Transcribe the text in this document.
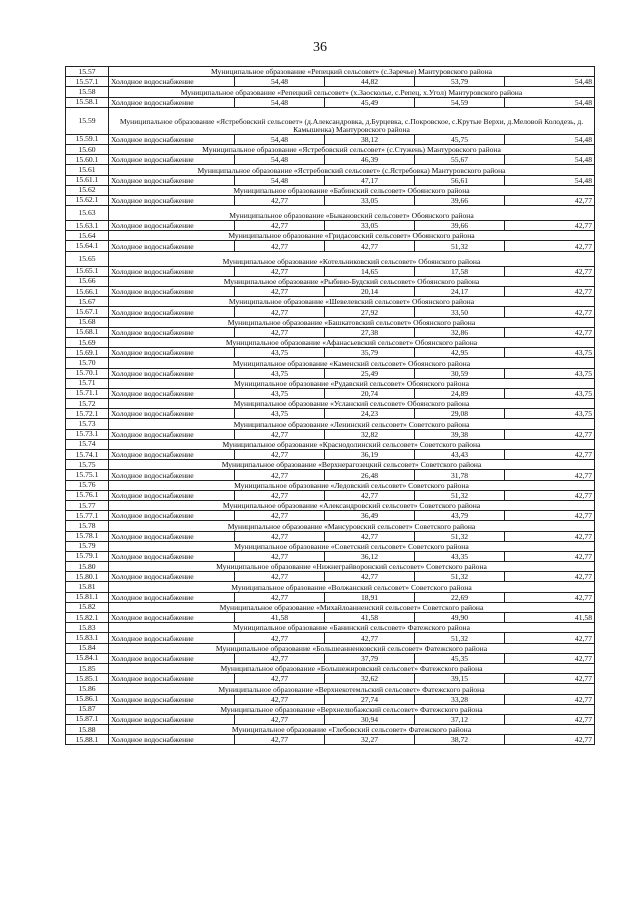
36
15.57	Муниципальное образование «Репецкий сельсовет» (с.Заречье) Мантуровского района				
15.57.1	Холодное водоснабжение	54,48	44,82	53,79	54,48
15.58	Муниципальное образование «Репецкий сельсовет» (х.Заосколье, с.Репец, х.Угол) Мантуровского района				
15.58.1	Холодное водоснабжение	54,48	45,49	54,59	54,48
15.59	Муниципальное образование «Ястребовский сельсовет» (д.Александровка, д.Бурцевка, с.Покровское, с.Крутые Верхи, д.Меловой Колодезь, д. Камышенка) Мантуровского района				
15.59.1	Холодное водоснабжение	54,48	38,12	45,75	54,48
15.60	Муниципальное образование «Ястребовский сельсовет» (с.Стужень) Мантуровского района				
15.60.1	Холодное водоснабжение	54,48	46,39	55,67	54,48
15.61	Муниципальное образование «Ястребовский сельсовет» (с.Ястребовка) Мантуровского района				
15.61.1	Холодное водоснабжение	54,48	47,17	56,61	54,48
15.62	Муниципальное образование «Бабинский сельсовет» Обоянского района				
15.62.1	Холодное водоснабжение	42,77	33,05	39,66	42,77
15.63	Муниципальное образование «Быкановский сельсовет» Обоянского района				
15.63.1	Холодное водоснабжение	42,77	33,05	39,66	42,77
15.64	Муниципальное образование «Гридасовский сельсовет» Обоянского района				
15.64.1	Холодное водоснабжение	42,77	42,77	51,32	42,77
15.65	Муниципальное образование «Котельниковский сельсовет» Обоянского района				
15.65.1	Холодное водоснабжение	42,77	14,65	17,58	42,77
15.66	Муниципальное образование «Рыбино-Будский сельсовет» Обоянского района				
15.66.1	Холодное водоснабжение	42,77	20,14	24,17	42,77
15.67	Муниципальное образование «Шевелевский сельсовет» Обоянского района				
15.67.1	Холодное водоснабжение	42,77	27,92	33,50	42,77
15.68	Муниципальное образование «Башкатовский сельсовет» Обоянского района				
15.68.1	Холодное водоснабжение	42,77	27,38	32,86	42,77
15.69	Муниципальное образование «Афанасьевский сельсовет» Обоянского района				
15.69.1	Холодное водоснабжение	43,75	35,79	42,95	43,75
15.70	Муниципальное образование «Каменский сельсовет» Обоянского района				
15.70.1	Холодное водоснабжение	43,75	25,49	30,59	43,75
15.71	Муниципальное образование «Рудавский сельсовет» Обоянского района				
15.71.1	Холодное водоснабжение	43,75	20,74	24,89	43,75
15.72	Муниципальное образование «Усланский сельсовет» Обоянского района				
15.72.1	Холодное водоснабжение	43,75	24,23	29,08	43,75
15.73	Муниципальное образование «Ленинский сельсовет» Советского района				
15.73.1	Холодное водоснабжение	42,77	32,82	39,38	42,77
15.74	Муниципальное образование «Краснодолинский сельсовет» Советского района				
15.74.1	Холодное водоснабжение	42,77	36,19	43,43	42,77
15.75	Муниципальное образование «Верхнерагозецкий сельсовет» Советского района				
15.75.1	Холодное водоснабжение	42,77	26,48	31,78	42,77
15.76	Муниципальное образование «Ледовский сельсовет» Советского района				
15.76.1	Холодное водоснабжение	42,77	42,77	51,32	42,77
15.77	Муниципальное образование «Александровский сельсовет» Советского района				
15.77.1	Холодное водоснабжение	42,77	36,49	43,79	42,77
15.78	Муниципальное образование «Мансуровский сельсовет» Советского района				
15.78.1	Холодное водоснабжение	42,77	42,77	51,32	42,77
15.79	Муниципальное образование «Советский сельсовет» Советского района				
15.79.1	Холодное водоснабжение	42,77	36,12	43,35	42,77
15.80	Муниципальное образование «Нижнеграйворонский сельсовет» Советского района				
15.80.1	Холодное водоснабжение	42,77	42,77	51,32	42,77
15.81	Муниципальное образование «Волжанский сельсовет» Советского района				
15.81.1	Холодное водоснабжение	42,77	18,91	22,69	42,77
15.82	Муниципальное образование «Михайлоанненский сельсовет» Советского района				
15.82.1	Холодное водоснабжение	41,58	41,58	49,90	41,58
15.83	Муниципальное образование «Банинский сельсовет» Фатежского района				
15.83.1	Холодное водоснабжение	42,77	42,77	51,32	42,77
15.84	Муниципальное образование «Большеанненковский сельсовет» Фатежского района				
15.84.1	Холодное водоснабжение	42,77	37,79	45,35	42,77
15.85	Муниципальное образование «Большежировский сельсовет» Фатежского района				
15.85.1	Холодное водоснабжение	42,77	32,62	39,15	42,77
15.86	Муниципальное образование «Верхнекотемльский сельсовет» Фатежского района				
15.86.1	Холодное водоснабжение	42,77	27,74	33,28	42,77
15.87	Муниципальное образование «Верхнелюбажский сельсовет» Фатежского района				
15.87.1	Холодное водоснабжение	42,77	30,94	37,12	42,77
15.88	Муниципальное образование «Глебовский сельсовет» Фатежского района				
15.88.1	Холодное водоснабжение	42,77	32,27	38,72	42,77
